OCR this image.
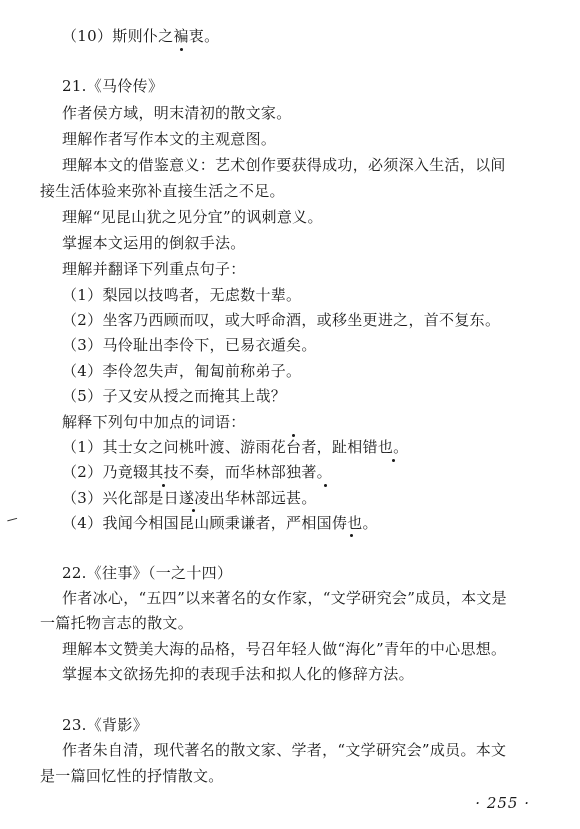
（10）斯则仆之褊衷。
21.《马伶传》
作者侯方域，明末清初的散文家。
理解作者写作本文的主观意图。
理解本文的借鉴意义：艺术创作要获得成功，必须深入生活，以间
接生活体验来弥补直接生活之不足。
理解“见昆山犹之见分宜”的讽刺意义。
掌握本文运用的倒叙手法。
理解并翻译下列重点句子：
（1）梨园以技鸣者，无虑数十辈。
（2）坐客乃西顾而叹，或大呼命酒，或移坐更进之，首不复东。
（3）马伶耻出李伶下，已易衣遁矣。
（4）李伶忽失声，匍匐前称弟子。
（5）子又安从授之而掩其上哉？
解释下列句中加点的词语：
（1）其士女之问桃叶渡、游雨花台者，趾相错也。
（2）乃竟辍其技不奏，而华林部独著。
（3）兴化部是日遂凌出华林部远甚。
（4）我闻今相国昆山顾秉谦者，严相国俦也。
22.《往事》（一之十四）
作者冰心，“五四”以来著名的女作家，“文学研究会”成员，本文是
一篇托物言志的散文。
理解本文赞美大海的品格，号召年轻人做“海化”青年的中心思想。
掌握本文欲扬先抑的表现手法和拟人化的修辞方法。
23.《背影》
作者朱自清，现代著名的散文家、学者，“文学研究会”成员。本文
是一篇回忆性的抒情散文。
· 255 ·
